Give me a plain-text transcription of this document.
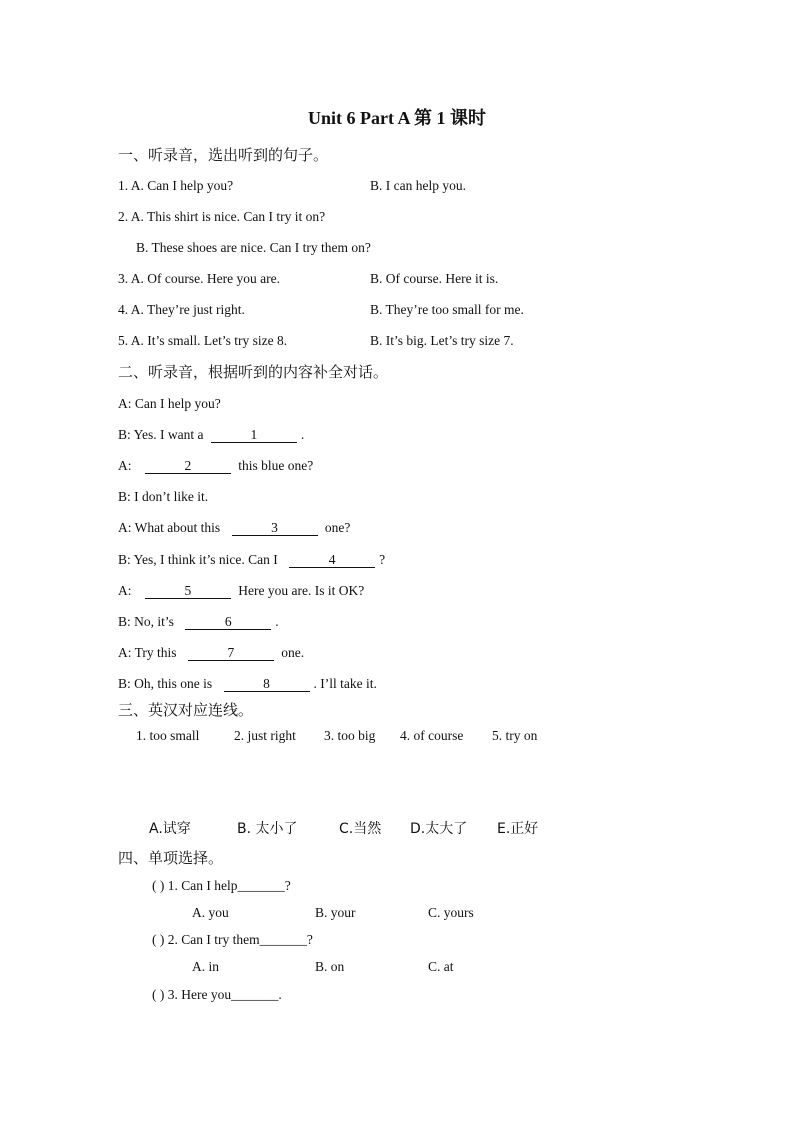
Unit 6 Part A 第 1 课时
一、听录音，选出听到的句子。
1. A. Can I help you?	B. I can help you.
2. A. This shirt is nice. Can I try it on?
B. These shoes are nice. Can I try them on?
3. A. Of course. Here you are.	B. Of course. Here it is.
4. A. They’re just right.	B. They’re too small for me.
5. A. It’s small. Let’s try size 8.	B. It’s big. Let’s try size 7.
二、听录音，根据听到的内容补全对话。
A: Can I help you?
B: Yes. I want a	1	.
A:	2	this blue one?
B: I don’t like it.
A: What about this	3	one?
B: Yes, I think it’s nice. Can I	4	?
A:	5	Here you are. Is it OK?
B: No, it’s	6	.
A: Try this	7	one.
B: Oh, this one is	8	. I’ll take it.
三、英汉对应连线。
1. too small	2. just right 3. too big 4. of course 5. try on
A.试穿	B. 太小了	C.当然 D.太大了 E.正好
四、单项选择。
( ) 1. Can I help_______?
A. you	B. your	C. yours
( ) 2. Can I try them_______?
A. in	B. on	C. at
( ) 3. Here you_______.
